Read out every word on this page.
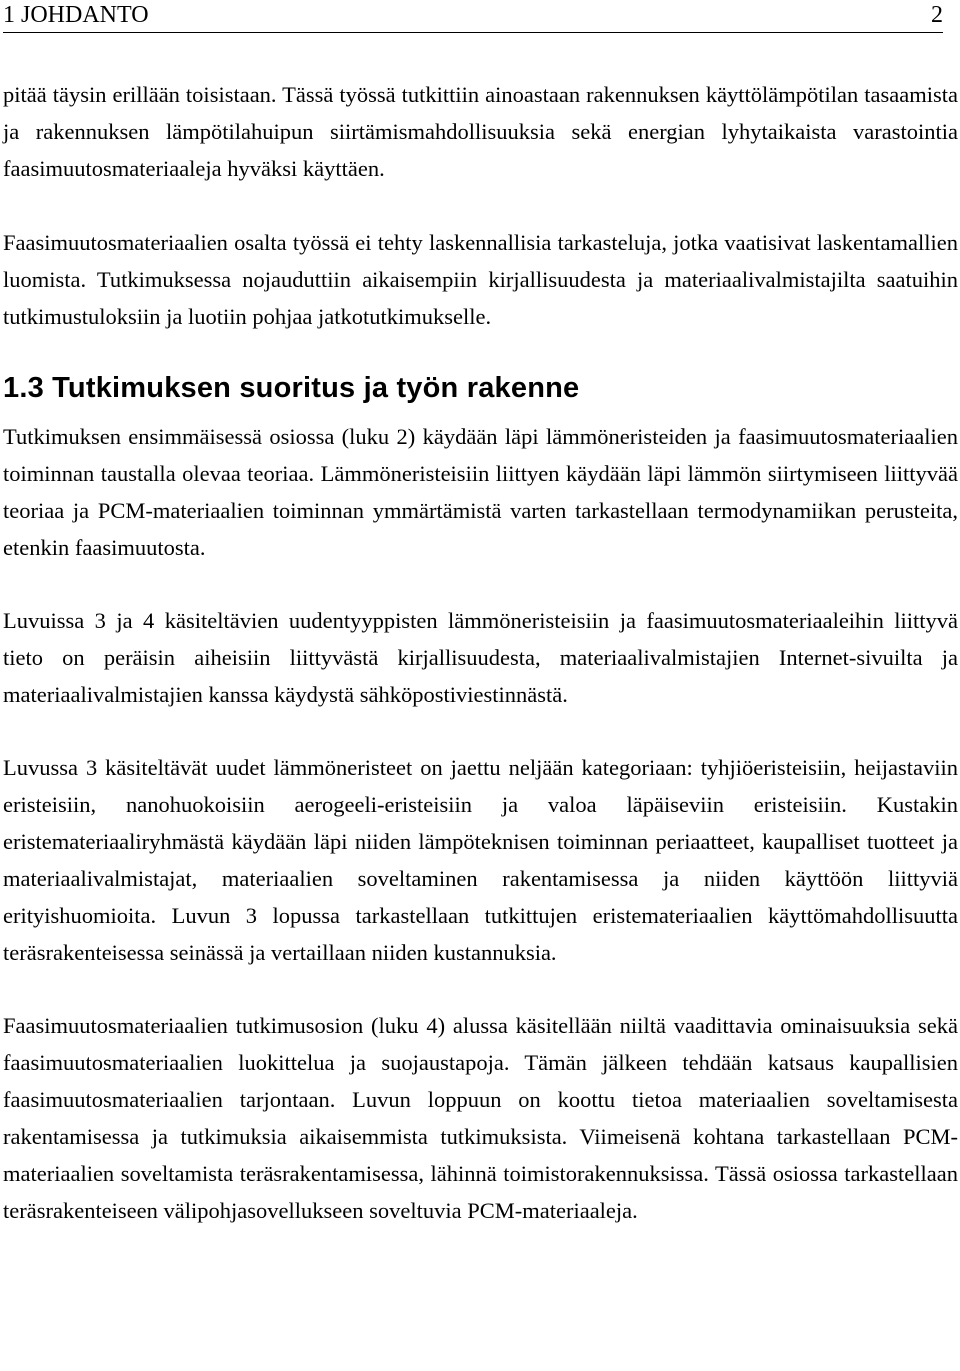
1 JOHDANTO	2

pitää täysin erillään toisistaan. Tässä työssä tutkittiin ainoastaan rakennuksen käyttölämpötilan tasaamista ja rakennuksen lämpötilahuipun siirtämismahdollisuuksia sekä energian lyhytaikaista varastointia faasimuutosmateriaaleja hyväksi käyttäen.

Faasimuutosmateriaalien osalta työssä ei tehty laskennallisia tarkasteluja, jotka vaatisivat laskentamallien luomista. Tutkimuksessa nojauduttiin aikaisempiin kirjallisuudesta ja materiaalivalmistajilta saatuihin tutkimustuloksiin ja luotiin pohjaa jatkotutkimukselle.

1.3 Tutkimuksen suoritus ja työn rakenne

Tutkimuksen ensimmäisessä osiossa (luku 2) käydään läpi lämmöneristeiden ja faasimuutosmateriaalien toiminnan taustalla olevaa teoriaa. Lämmöneristeisiin liittyen käydään läpi lämmön siirtymiseen liittyvää teoriaa ja PCM-materiaalien toiminnan ymmärtämistä varten tarkastellaan termodynamiikan perusteita, etenkin faasimuutosta.

Luvuissa 3 ja 4 käsiteltävien uudentyyppisten lämmöneristeisiin ja faasimuutosmateriaaleihin liittyvä tieto on peräisin aiheisiin liittyvästä kirjallisuudesta, materiaalivalmistajien Internet-sivuilta ja materiaalivalmistajien kanssa käydystä sähköpostiviestinnästä.

Luvussa 3 käsiteltävät uudet lämmöneristeet on jaettu neljään kategoriaan: tyhjiöeristeisiin, heijastaviin eristeisiin, nanohuokoisiin aerogeeli-eristeisiin ja valoa läpäiseviin eristeisiin. Kustakin eristemateriaaliryhmästä käydään läpi niiden lämpöteknisen toiminnan periaatteet, kaupalliset tuotteet ja materiaalivalmistajat, materiaalien soveltaminen rakentamisessa ja niiden käyttöön liittyviä erityishuomioita. Luvun 3 lopussa tarkastellaan tutkittujen eristemateriaalien käyttömahdollisuutta teräsrakenteisessa seinässä ja vertaillaan niiden kustannuksia.

Faasimuutosmateriaalien tutkimusosion (luku 4) alussa käsitellään niiltä vaadittavia ominaisuuksia sekä faasimuutosmateriaalien luokittelua ja suojaustapoja. Tämän jälkeen tehdään katsaus kaupallisien faasimuutosmateriaalien tarjontaan. Luvun loppuun on koottu tietoa materiaalien soveltamisesta rakentamisessa ja tutkimuksia aikaisemmista tutkimuksista. Viimeisenä kohtana tarkastellaan PCM-materiaalien soveltamista teräsrakentamisessa, lähinnä toimistorakennuksissa. Tässä osiossa tarkastellaan teräsrakenteiseen välipohjasovellukseen soveltuvia PCM-materiaaleja.
